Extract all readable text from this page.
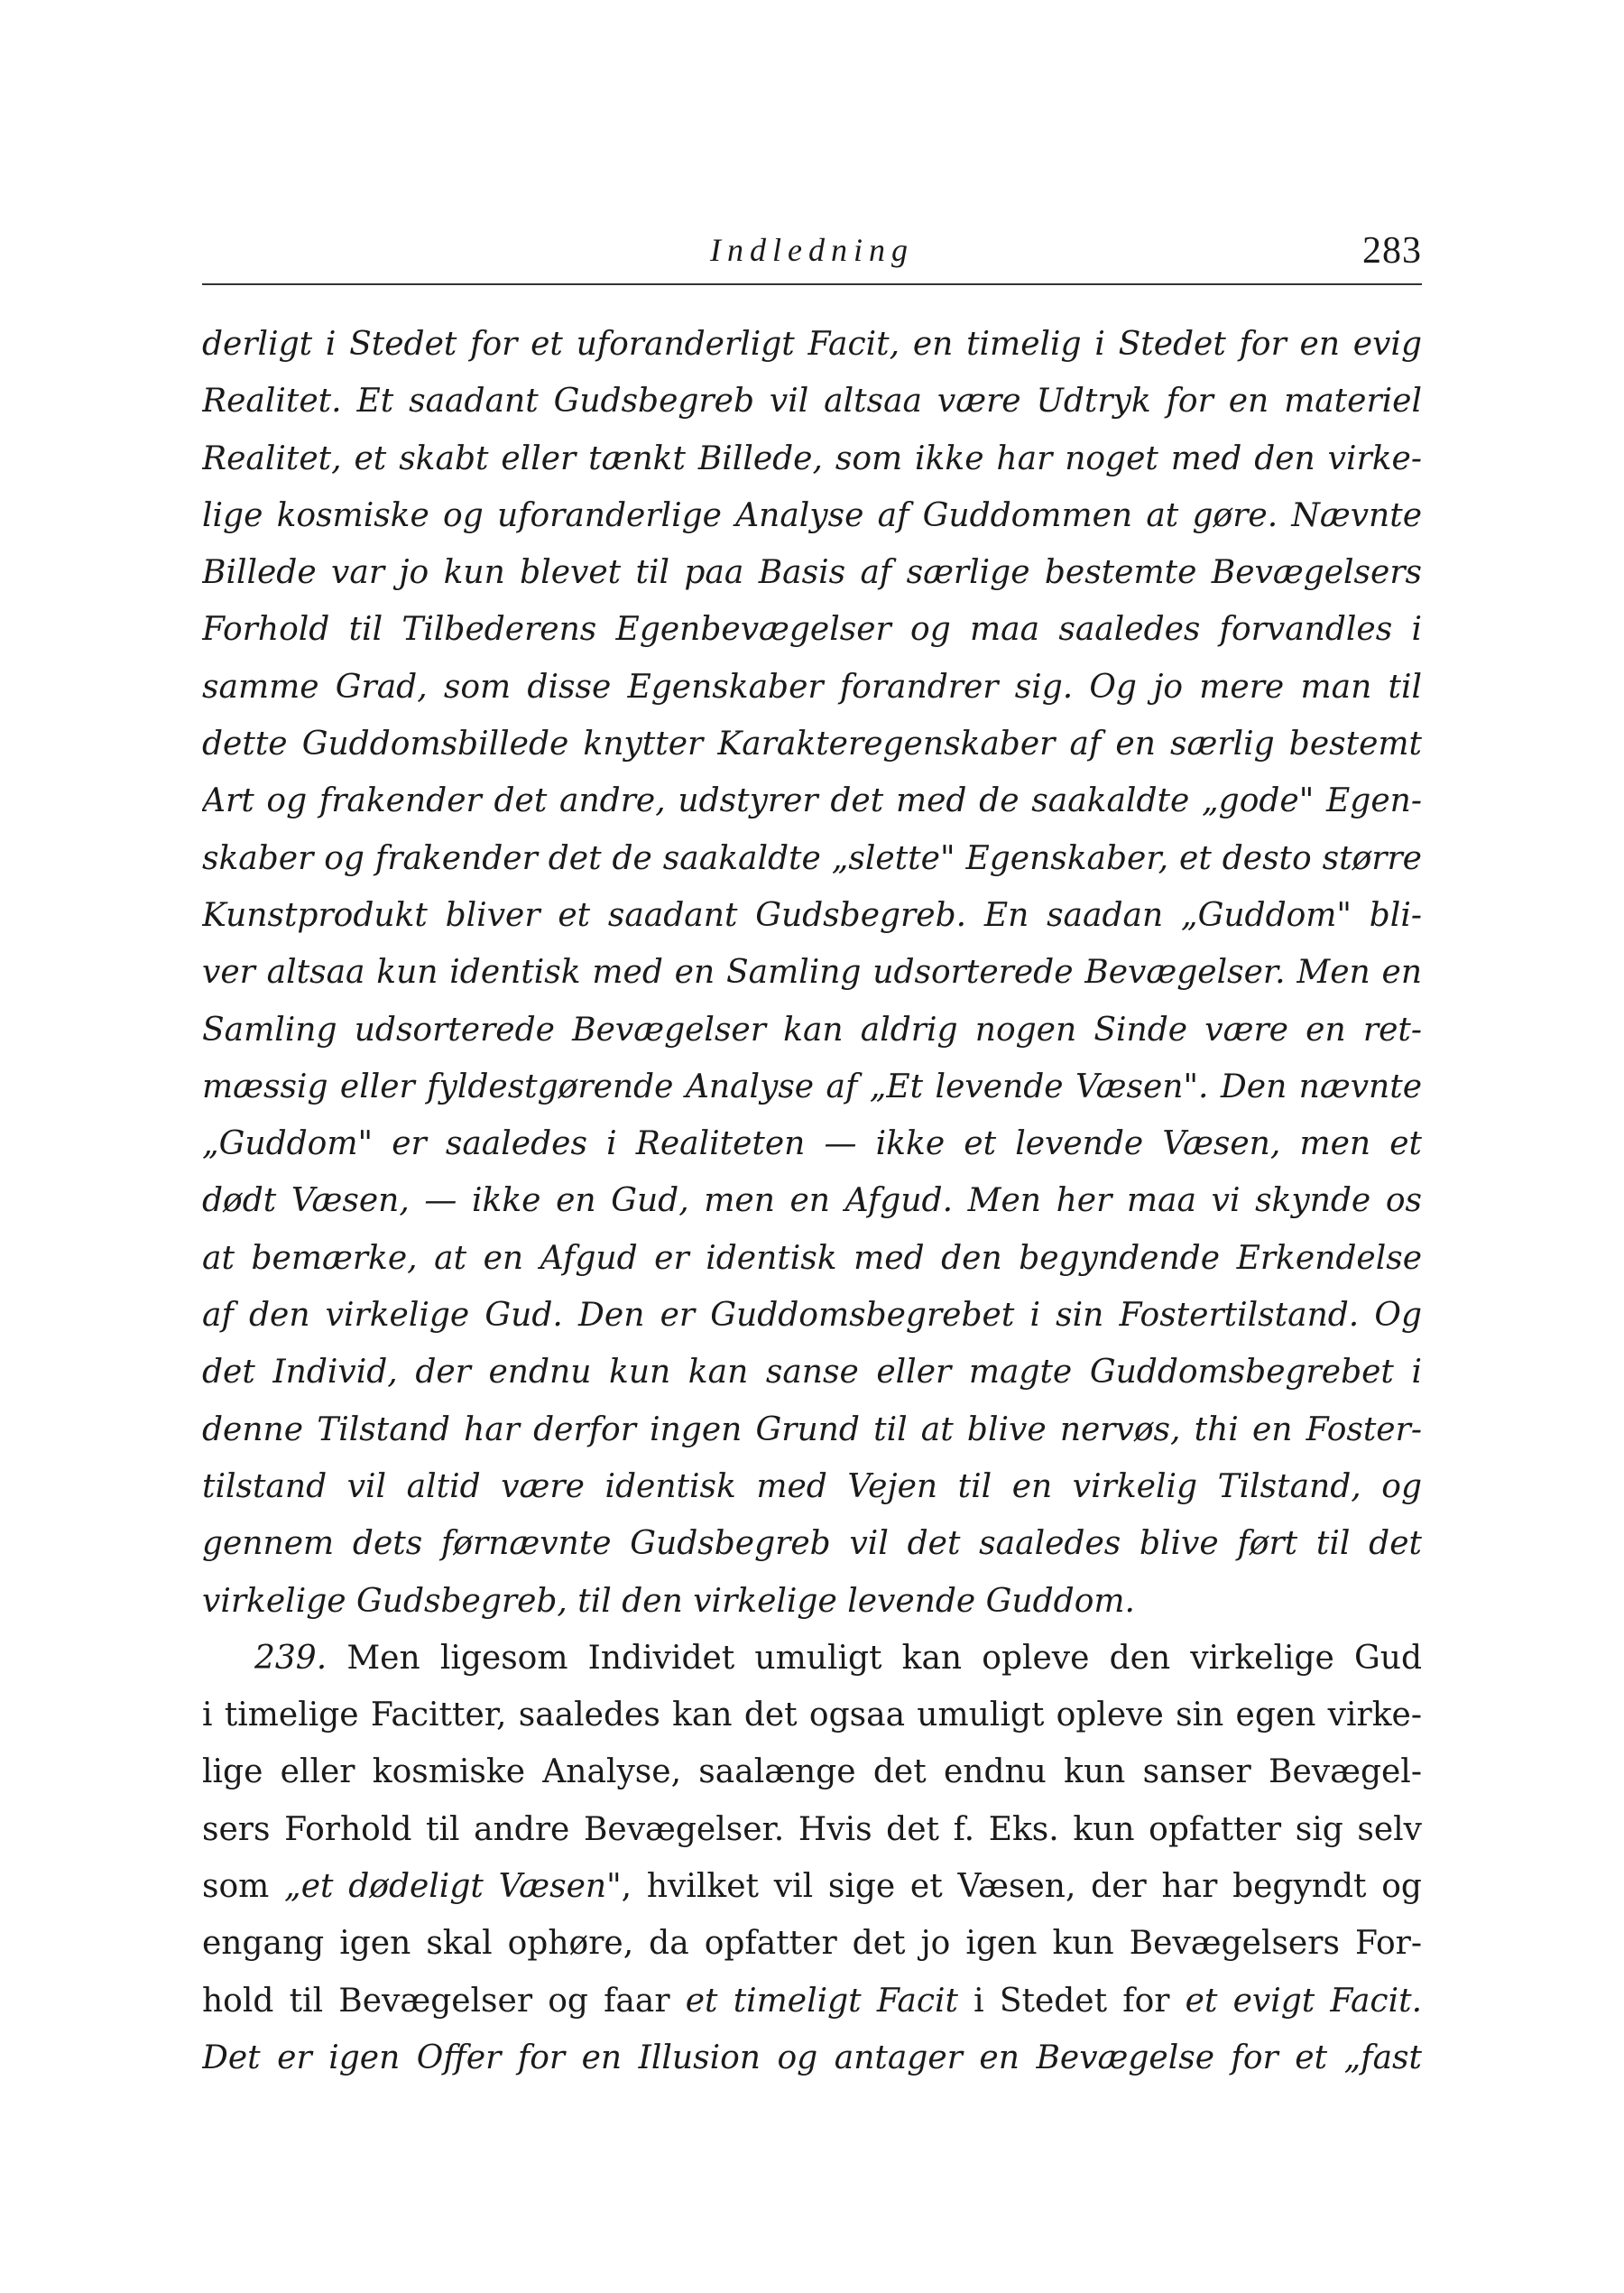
Indledning	283
derligt i Stedet for et uforanderligt Facit, en timelig i Stedet for en evig
Realitet. Et saadant Gudsbegreb vil altsaa være Udtryk for en materiel
Realitet, et skabt eller tænkt Billede, som ikke har noget med den virke-
lige kosmiske og uforanderlige Analyse af Guddommen at gøre. Nævnte
Billede var jo kun blevet til paa Basis af særlige bestemte Bevægelsers
Forhold til Tilbederens Egenbevægelser og maa saaledes forvandles i
samme Grad, som disse Egenskaber forandrer sig. Og jo mere man til
dette Guddomsbillede knytter Karakteregenskaber af en særlig bestemt
Art og frakender det andre, udstyrer det med de saakaldte „gode" Egen-
skaber og frakender det de saakaldte „slette" Egenskaber, et desto større
Kunstprodukt bliver et saadant Gudsbegreb. En saadan „Guddom" bli-
ver altsaa kun identisk med en Samling udsorterede Bevægelser. Men en
Samling udsorterede Bevægelser kan aldrig nogen Sinde være en ret-
mæssig eller fyldestgørende Analyse af „Et levende Væsen". Den nævnte
„Guddom" er saaledes i Realiteten — ikke et levende Væsen, men et
dødt Væsen, — ikke en Gud, men en Afgud. Men her maa vi skynde os
at bemærke, at en Afgud er identisk med den begyndende Erkendelse
af den virkelige Gud. Den er Guddomsbegrebet i sin Fostertilstand. Og
det Individ, der endnu kun kan sanse eller magte Guddomsbegrebet i
denne Tilstand har derfor ingen Grund til at blive nervøs, thi en Foster-
tilstand vil altid være identisk med Vejen til en virkelig Tilstand, og
gennem dets førnævnte Gudsbegreb vil det saaledes blive ført til det
virkelige Gudsbegreb, til den virkelige levende Guddom.
239. Men ligesom Individet umuligt kan opleve den virkelige Gud
i timelige Facitter, saaledes kan det ogsaa umuligt opleve sin egen virke-
lige eller kosmiske Analyse, saalænge det endnu kun sanser Bevægel-
sers Forhold til andre Bevægelser. Hvis det f. Eks. kun opfatter sig selv
som „et dødeligt Væsen", hvilket vil sige et Væsen, der har begyndt og
engang igen skal ophøre, da opfatter det jo igen kun Bevægelsers For-
hold til Bevægelser og faar et timeligt Facit i Stedet for et evigt Facit.
Det er igen Offer for en Illusion og antager en Bevægelse for et „fast
